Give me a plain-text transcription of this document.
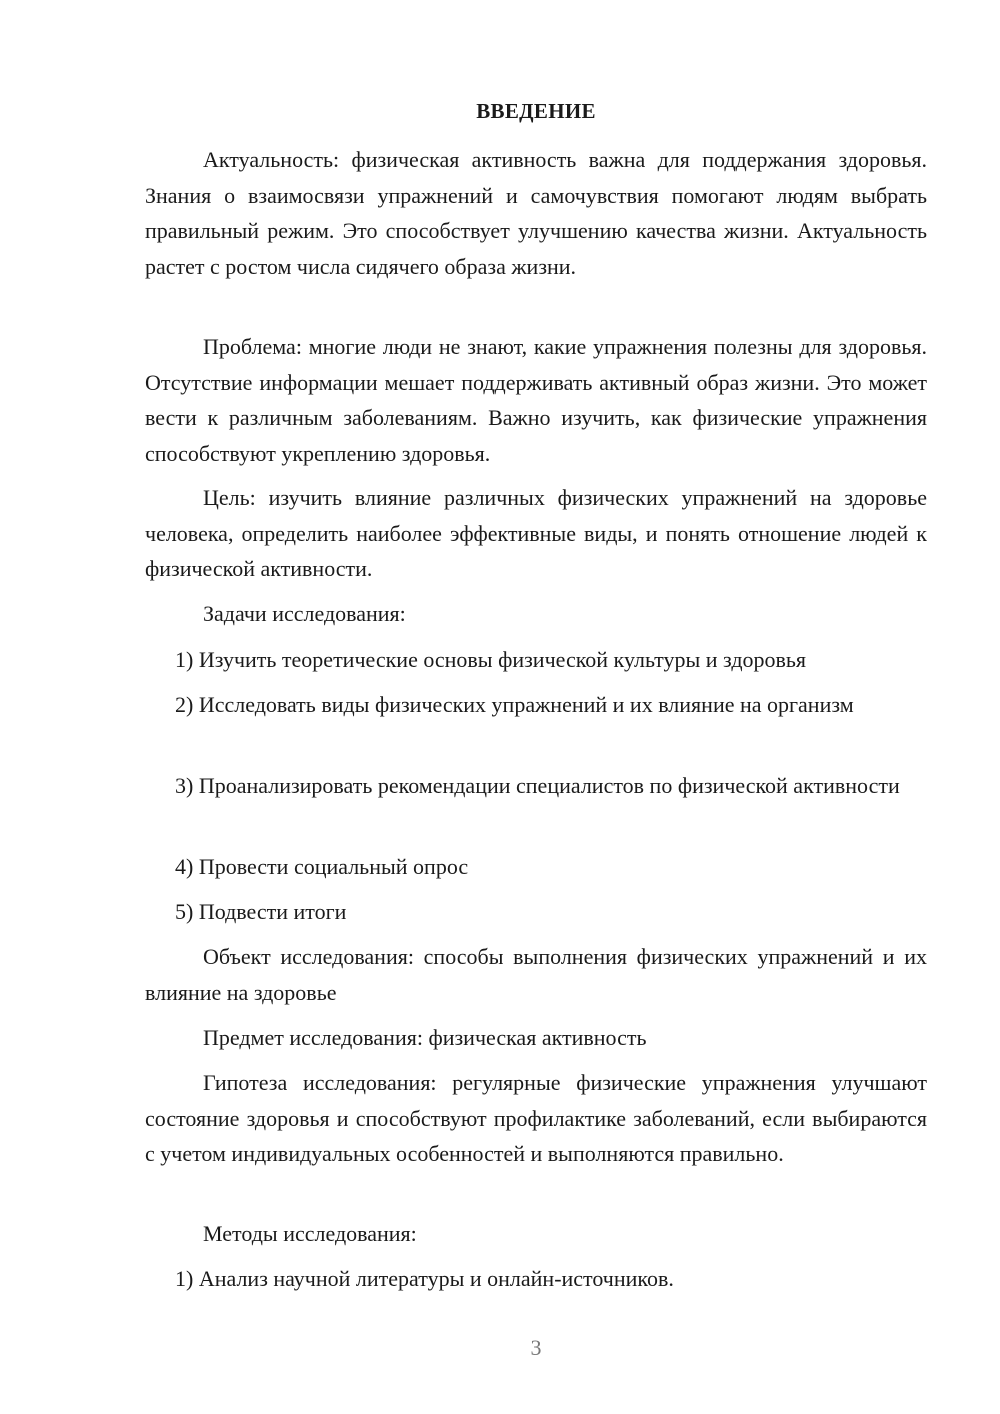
ВВЕДЕНИЕ

Актуальность: физическая активность важна для поддержания здоровья. Знания о взаимосвязи упражнений и самочувствия помогают людям выбрать правильный режим. Это способствует улучшению качества жизни. Актуальность растет с ростом числа сидячего образа жизни.

Проблема: многие люди не знают, какие упражнения полезны для здоровья. Отсутствие информации мешает поддерживать активный образ жизни. Это может вести к различным заболеваниям. Важно изучить, как физические упражнения способствуют укреплению здоровья.

Цель: изучить влияние различных физических упражнений на здоровье человека, определить наиболее эффективные виды, и понять отношение людей к физической активности.

Задачи исследования:

1) Изучить теоретические основы физической культуры и здоровья

2) Исследовать виды физических упражнений и их влияние на организм

3) Проанализировать рекомендации специалистов по физической активности

4) Провести социальный опрос

5) Подвести итоги

Объект исследования: способы выполнения физических упражнений и их влияние на здоровье

Предмет исследования: физическая активность

Гипотеза исследования: регулярные физические упражнения улучшают состояние здоровья и способствуют профилактике заболеваний, если выбираются с учетом индивидуальных особенностей и выполняются правильно.

Методы исследования:

1) Анализ научной литературы и онлайн-источников.

3
